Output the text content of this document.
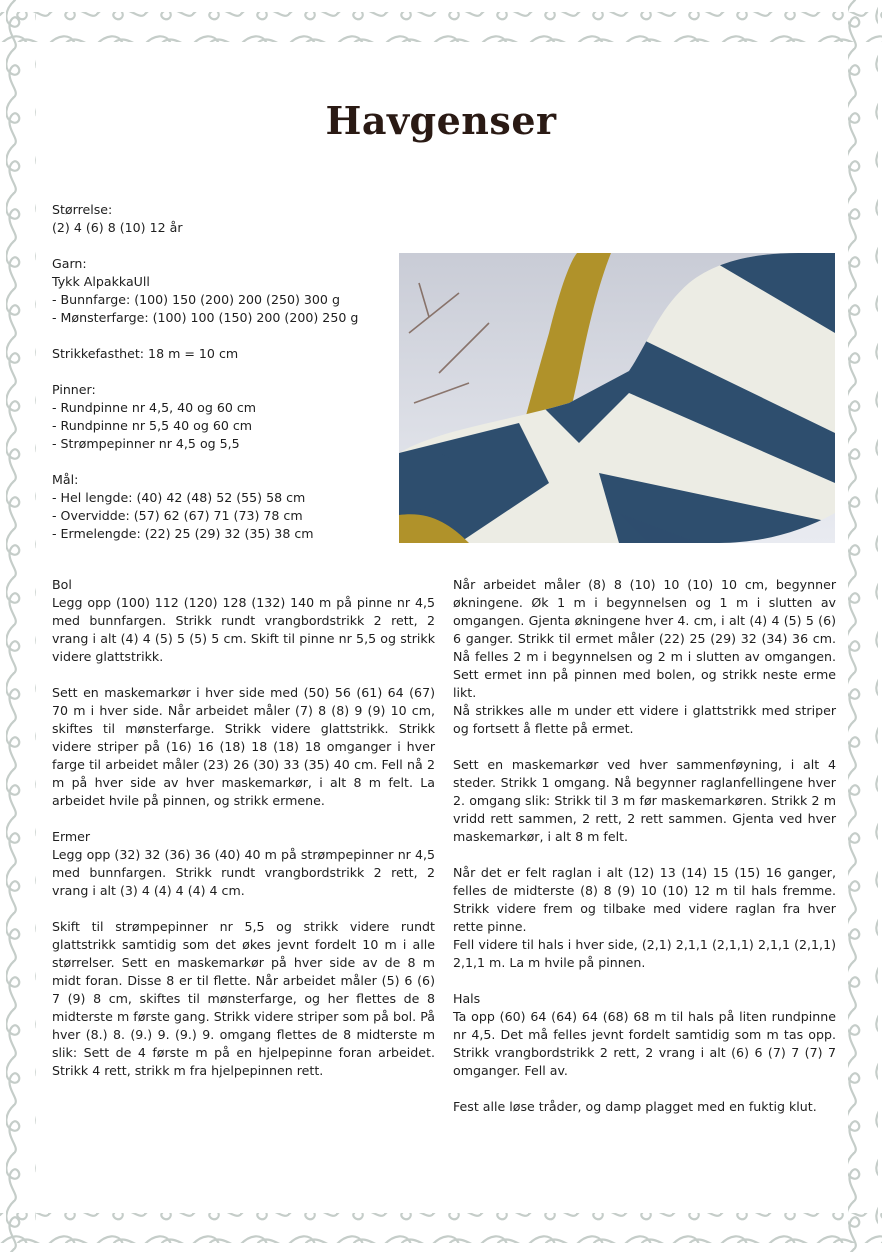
Havgenser

Størrelse:

(2) 4 (6) 8 (10) 12 år

Garn:

Tykk AlpakkaUll

- Bunnfarge: (100) 150 (200) 200 (250) 300 g

- Mønsterfarge: (100) 100 (150) 200 (200) 250 g

Strikkefasthet: 18 m = 10 cm

Pinner:

- Rundpinne nr 4,5, 40 og 60 cm

- Rundpinne nr 5,5 40 og 60 cm

- Strømpepinner nr 4,5 og 5,5

Mål:

- Hel lengde: (40) 42 (48) 52 (55) 58 cm

- Overvidde: (57) 62 (67) 71 (73) 78 cm

- Ermelengde: (22) 25 (29) 32 (35) 38 cm

Bol

Legg opp (100) 112 (120) 128 (132) 140 m på pinne nr 4,5 med bunnfargen. Strikk rundt vrangbordstrikk 2 rett, 2 vrang i alt (4) 4 (5) 5 (5) 5 cm. Skift til pinne nr 5,5 og strikk videre glattstrikk.

Sett en maskemarkør i hver side med (50) 56 (61) 64 (67) 70 m i hver side. Når arbeidet måler (7) 8 (8) 9 (9) 10 cm, skiftes til mønsterfarge. Strikk videre glattstrikk. Strikk videre striper på (16) 16 (18) 18 (18) 18 omganger i hver farge til arbeidet måler (23) 26 (30) 33 (35) 40 cm. Fell nå 2 m på hver side av hver maskemarkør, i alt 8 m felt. La arbeidet hvile på pinnen, og strikk ermene.

Ermer

Legg opp (32) 32 (36) 36 (40) 40 m på strømpepinner nr 4,5 med bunnfargen. Strikk rundt vrangbordstrikk 2 rett, 2 vrang i alt (3) 4 (4) 4 (4) 4 cm.

Skift til strømpepinner nr 5,5 og strikk videre rundt glattstrikk samtidig som det økes jevnt fordelt 10 m i alle størrelser. Sett en maskemarkør på hver side av de 8 m midt foran. Disse 8 er til flette. Når arbeidet måler (5) 6 (6) 7 (9) 8 cm, skiftes til mønsterfarge, og her flettes de 8 midterste m første gang. Strikk videre striper som på bol. På hver (8.) 8. (9.) 9. (9.) 9. omgang flettes de 8 midterste m slik: Sett de 4 første m på en hjelpepinne foran arbeidet. Strikk 4 rett, strikk m fra hjelpepinnen rett.

Når arbeidet måler (8) 8 (10) 10 (10) 10 cm, begynner økningene. Øk 1 m i begynnelsen og 1 m i slutten av omgangen. Gjenta økningene hver 4. cm, i alt (4) 4 (5) 5 (6) 6 ganger. Strikk til ermet måler (22) 25 (29) 32 (34) 36 cm. Nå felles 2 m i begynnelsen og 2 m i slutten av omgangen. Sett ermet inn på pinnen med bolen, og strikk neste erme likt.

Nå strikkes alle m under ett videre i glattstrikk med striper og fortsett å flette på ermet.

Sett en maskemarkør ved hver sammenføyning, i alt 4 steder. Strikk 1 omgang. Nå begynner raglanfellingene hver 2. omgang slik: Strikk til 3 m før maskemarkøren. Strikk 2 m vridd rett sammen, 2 rett, 2 rett sammen. Gjenta ved hver maskemarkør, i alt 8 m felt.

Når det er felt raglan i alt (12) 13 (14) 15 (15) 16 ganger, felles de midterste (8) 8 (9) 10 (10) 12 m til hals fremme. Strikk videre frem og tilbake med videre raglan fra hver rette pinne.

Fell videre til hals i hver side, (2,1) 2,1,1 (2,1,1) 2,1,1 (2,1,1) 2,1,1 m. La m hvile på pinnen.

Hals

Ta opp (60) 64 (64) 64 (68) 68 m til hals på liten rundpinne nr 4,5. Det må felles jevnt fordelt samtidig som m tas opp. Strikk vrangbordstrikk 2 rett, 2 vrang i alt (6) 6 (7) 7 (7) 7 omganger. Fell av.

Fest alle løse tråder, og damp plagget med en fuktig klut.
